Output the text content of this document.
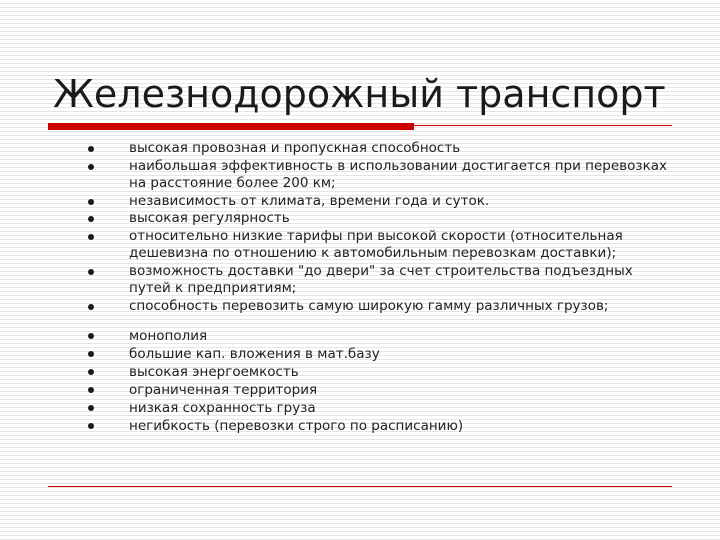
Железнодорожный транспорт
высокая провозная и пропускная способность
наибольшая эффективность в использовании достигается при перевозках на расстояние более 200 км;
независимость от климата, времени года и суток.
высокая регулярность
относительно низкие тарифы при высокой скорости (относительная дешевизна по отношению к автомобильным перевозкам доставки);
возможность доставки "до двери" за счет строительства подъездных путей к предприятиям;
способность перевозить самую широкую гамму различных грузов;
монополия
большие кап. вложения в мат.базу
высокая энергоемкость
ограниченная территория
низкая сохранность груза
негибкость (перевозки строго по расписанию)
